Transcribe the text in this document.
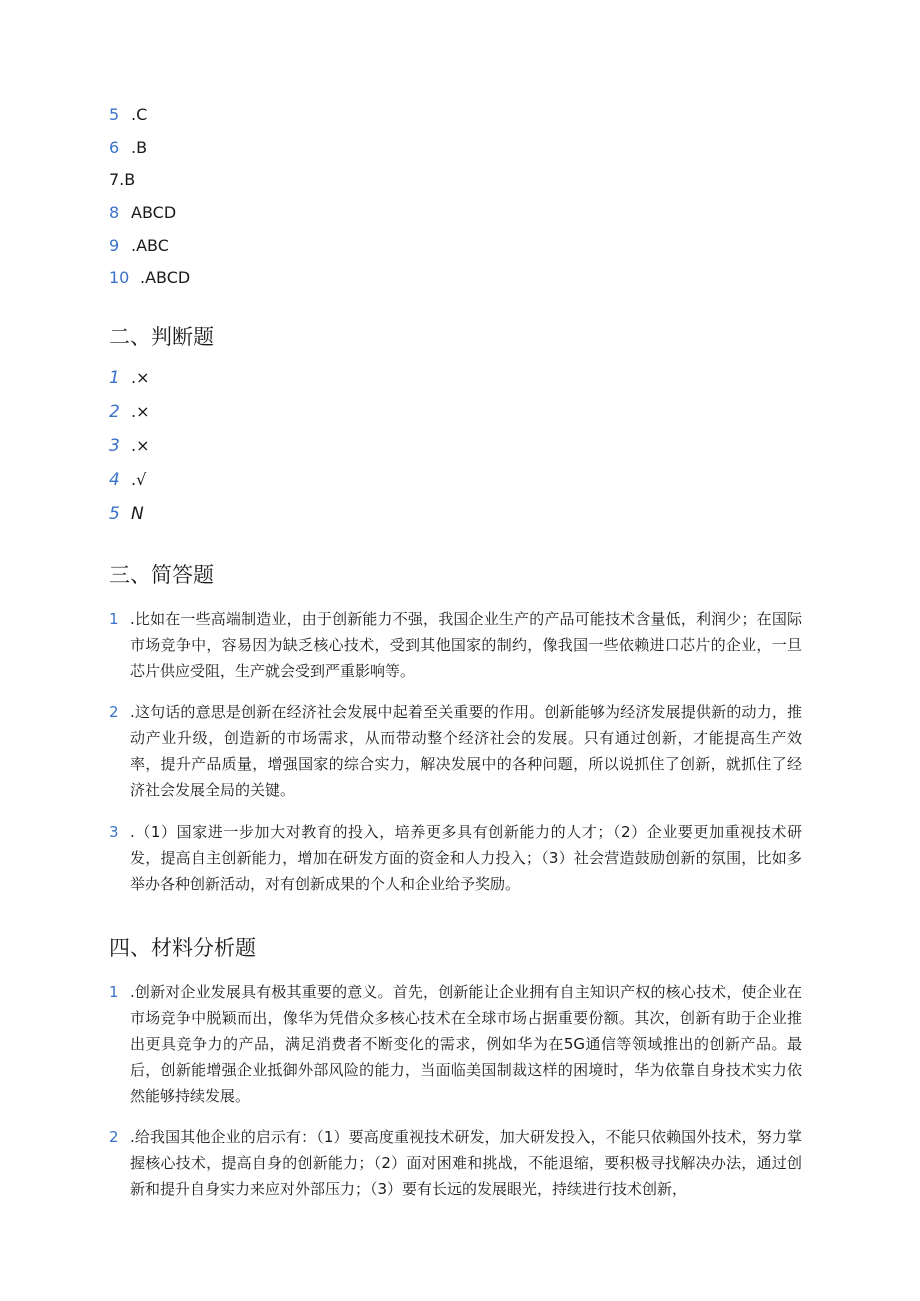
5 .C
6 .B
7.B
8 ABCD
9 .ABC
10 .ABCD
二、判断题
1 .×
2 .×
3 .×
4 .√
5 N
三、简答题
1 .比如在一些高端制造业，由于创新能力不强，我国企业生产的产品可能技术含量低，利润少；在国际市场竞争中，容易因为缺乏核心技术，受到其他国家的制约，像我国一些依赖进口芯片的企业，一旦芯片供应受阻，生产就会受到严重影响等。
2 .这句话的意思是创新在经济社会发展中起着至关重要的作用。创新能够为经济发展提供新的动力，推动产业升级，创造新的市场需求，从而带动整个经济社会的发展。只有通过创新，才能提高生产效率，提升产品质量，增强国家的综合实力，解决发展中的各种问题，所以说抓住了创新，就抓住了经济社会发展全局的关键。
3 .（1）国家进一步加大对教育的投入，培养更多具有创新能力的人才；（2）企业要更加重视技术研发，提高自主创新能力，增加在研发方面的资金和人力投入；（3）社会营造鼓励创新的氛围，比如多举办各种创新活动，对有创新成果的个人和企业给予奖励。
四、材料分析题
1 .创新对企业发展具有极其重要的意义。首先，创新能让企业拥有自主知识产权的核心技术，使企业在市场竞争中脱颖而出，像华为凭借众多核心技术在全球市场占据重要份额。其次，创新有助于企业推出更具竞争力的产品，满足消费者不断变化的需求，例如华为在5G通信等领域推出的创新产品。最后，创新能增强企业抵御外部风险的能力，当面临美国制裁这样的困境时，华为依靠自身技术实力依然能够持续发展。
2 .给我国其他企业的启示有：（1）要高度重视技术研发，加大研发投入，不能只依赖国外技术，努力掌握核心技术，提高自身的创新能力；（2）面对困难和挑战，不能退缩，要积极寻找解决办法，通过创新和提升自身实力来应对外部压力；（3）要有长远的发展眼光，持续进行技术创新，
